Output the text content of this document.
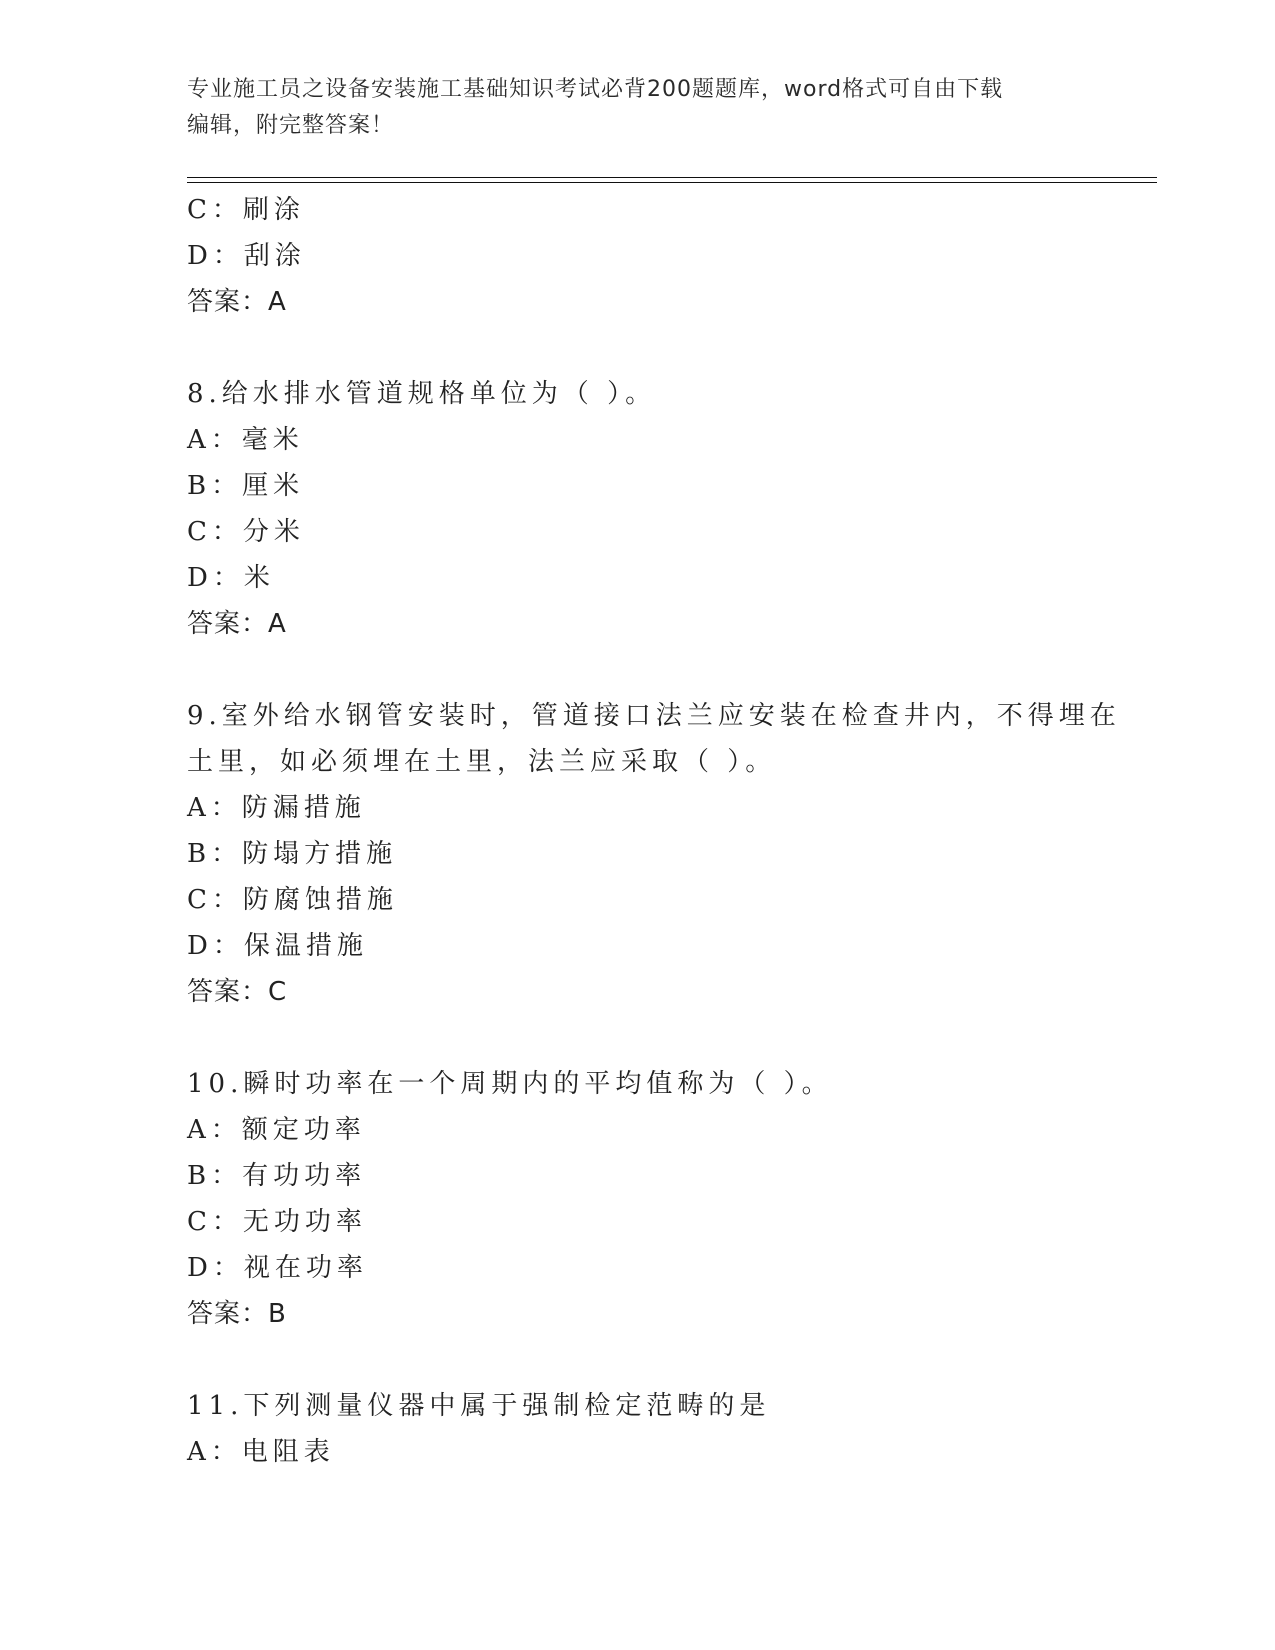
专业施工员之设备安装施工基础知识考试必背200题题库，word格式可自由下载
编辑，附完整答案！
C：刷涂
D：刮涂
答案：A
8.给水排水管道规格单位为（ ）。
A：毫米
B：厘米
C：分米
D：米
答案：A
9.室外给水钢管安装时，管道接口法兰应安装在检查井内，不得埋在
土里，如必须埋在土里，法兰应采取（ ）。
A：防漏措施
B：防塌方措施
C：防腐蚀措施
D：保温措施
答案：C
10.瞬时功率在一个周期内的平均值称为（ ）。
A：额定功率
B：有功功率
C：无功功率
D：视在功率
答案：B
11.下列测量仪器中属于强制检定范畴的是
A：电阻表
